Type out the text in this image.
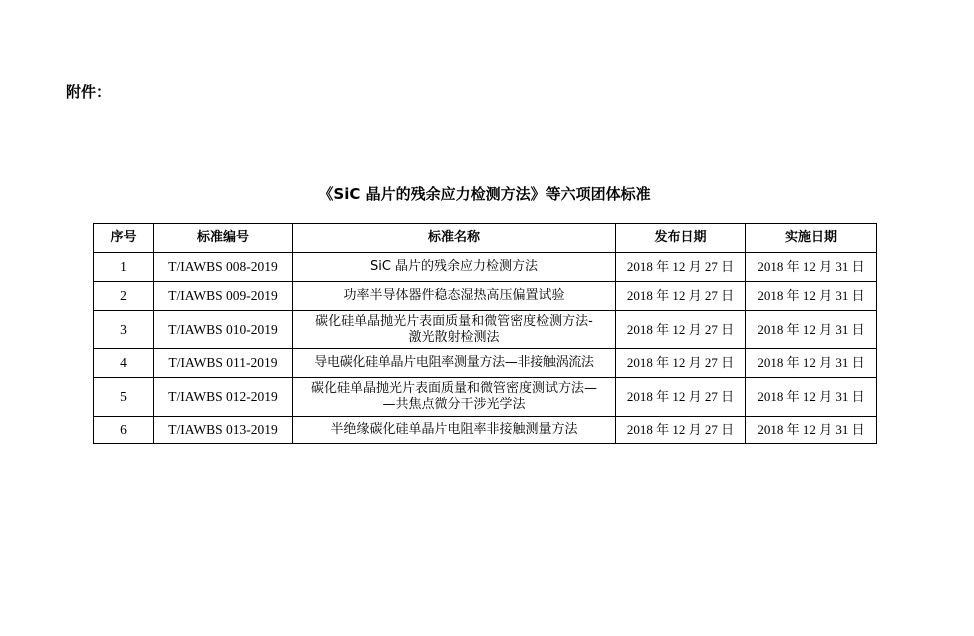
附件：

《SiC 晶片的残余应力检测方法》等六项团体标准
序号	标准编号	标准名称	发布日期	实施日期
1	T/IAWBS 008-2019	SiC 晶片的残余应力检测方法	2018 年 12 月 27 日	2018 年 12 月 31 日
2	T/IAWBS 009-2019	功率半导体器件稳态湿热高压偏置试验	2018 年 12 月 27 日	2018 年 12 月 31 日
3	T/IAWBS 010-2019	碳化硅单晶抛光片表面质量和微管密度检测方法-
激光散射检测法	2018 年 12 月 27 日	2018 年 12 月 31 日
4	T/IAWBS 011-2019	导电碳化硅单晶片电阻率测量方法—非接触涡流法	2018 年 12 月 27 日	2018 年 12 月 31 日
5	T/IAWBS 012-2019	碳化硅单晶抛光片表面质量和微管密度测试方法—
—共焦点微分干涉光学法	2018 年 12 月 27 日	2018 年 12 月 31 日
6	T/IAWBS 013-2019	半绝缘碳化硅单晶片电阻率非接触测量方法	2018 年 12 月 27 日	2018 年 12 月 31 日
